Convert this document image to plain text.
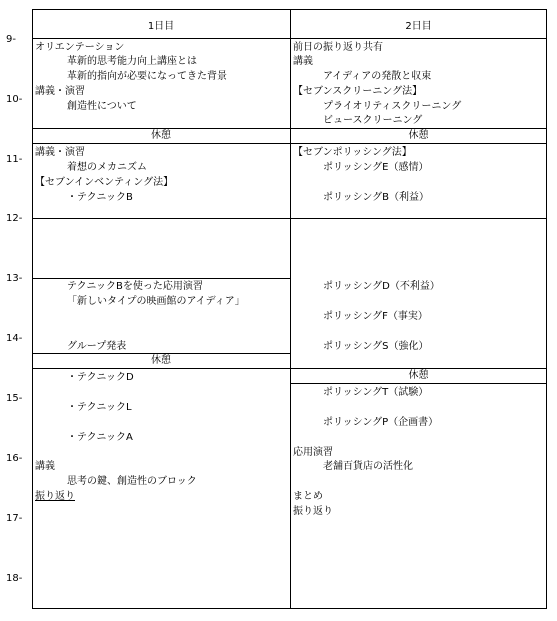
1日目	2日目
9-
10-
11-
12-
13-
14-
15-
16-
17-
18-
オリエンテーション
革新的思考能力向上講座とは
革新的指向が必要になってきた背景
講義・演習
創造性について
休憩
講義・演習
着想のメカニズム
【セブンインベンティング法】
・テクニックB
テクニックBを使った応用演習
「新しいタイプの映画館のアイディア」
グループ発表
休憩
・テクニックD
・テクニックL
・テクニックA
講義
思考の鍵、創造性のブロック
振り返り
前日の振り返り共有
講義
アイディアの発散と収束
【セブンスクリーニング法】
プライオリティスクリーニング
ビュースクリーニング
休憩
【セブンポリッシング法】
ポリッシングE（感情）
ポリッシングB（利益）
ポリッシングD（不利益）
ポリッシングF（事実）
ポリッシングS（強化）
休憩
ポリッシングT（試験）
ポリッシングP（企画書）
応用演習
老舗百貨店の活性化
まとめ
振り返り
